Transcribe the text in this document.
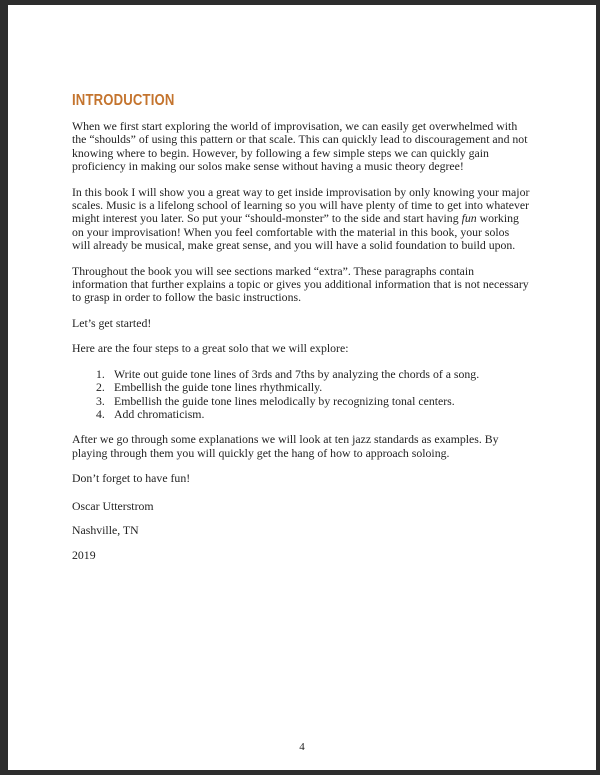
INTRODUCTION

When we first start exploring the world of improvisation, we can easily get overwhelmed with the “shoulds” of using this pattern or that scale. This can quickly lead to discouragement and not knowing where to begin. However, by following a few simple steps we can quickly gain proficiency in making our solos make sense without having a music theory degree!

In this book I will show you a great way to get inside improvisation by only knowing your major scales. Music is a lifelong school of learning so you will have plenty of time to get into whatever might interest you later. So put your “should-monster” to the side and start having fun working on your improvisation! When you feel comfortable with the material in this book, your solos will already be musical, make great sense, and you will have a solid foundation to build upon.

Throughout the book you will see sections marked “extra”. These paragraphs contain information that further explains a topic or gives you additional information that is not necessary to grasp in order to follow the basic instructions.

Let’s get started!

Here are the four steps to a great solo that we will explore:

1. Write out guide tone lines of 3rds and 7ths by analyzing the chords of a song.
2. Embellish the guide tone lines rhythmically.
3. Embellish the guide tone lines melodically by recognizing tonal centers.
4. Add chromaticism.

After we go through some explanations we will look at ten jazz standards as examples. By playing through them you will quickly get the hang of how to approach soloing.

Don’t forget to have fun!

Oscar Utterstrom

Nashville, TN

2019

4
